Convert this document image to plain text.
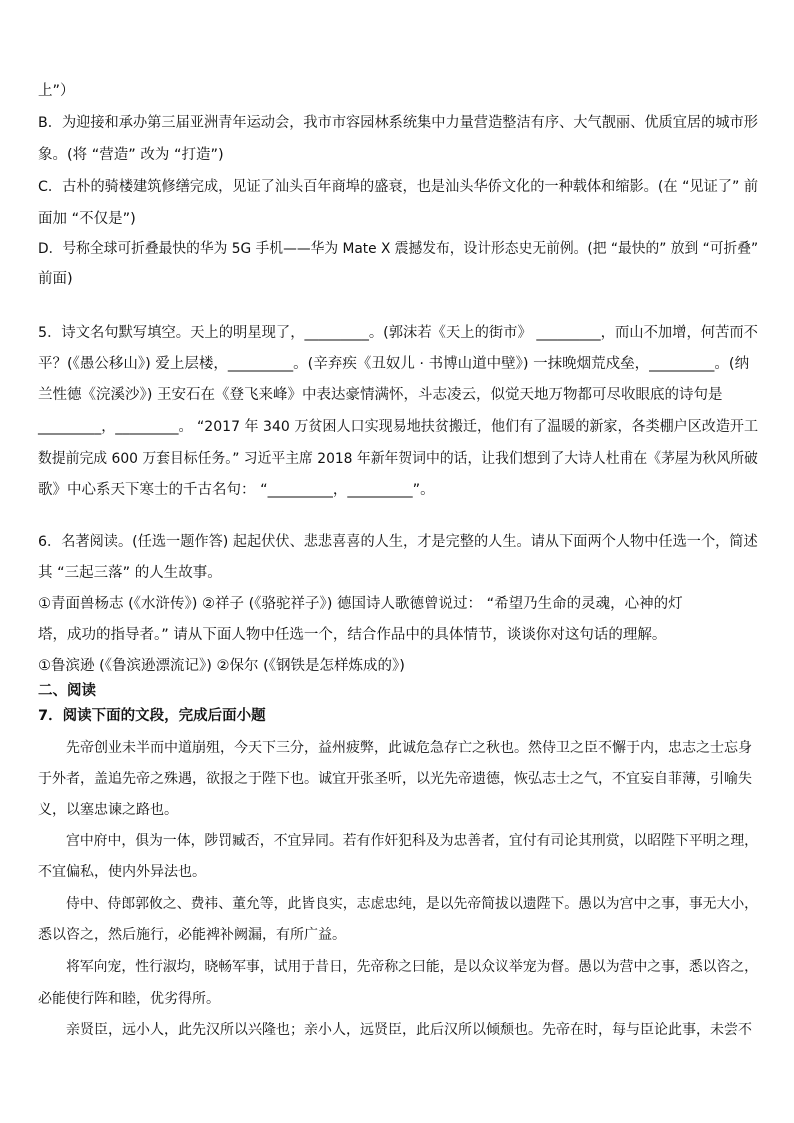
上”）
B．为迎接和承办第三届亚洲青年运动会，我市市容园林系统集中力量营造整洁有序、大气靓丽、优质宜居的城市形
象。(将 “营造” 改为 “打造”)
C．古朴的骑楼建筑修缮完成，见证了汕头百年商埠的盛衰，也是汕头华侨文化的一种载体和缩影。(在 “见证了” 前
面加 “不仅是”)
D．号称全球可折叠最快的华为 5G 手机——华为 Mate X 震撼发布，设计形态史无前例。(把 “最快的” 放到 “可折叠”
前面)
5．诗文名句默写填空。天上的明星现了，_________。(郭沫若《天上的街市》 _________，而山不加增，何苦而不
平？(《愚公移山》) 爱上层楼，_________。(辛弃疾《丑奴儿 · 书博山道中壁》) 一抹晚烟荒戍垒，_________。(纳
兰性德《浣溪沙》) 王安石在《登飞来峰》中表达豪情满怀，斗志凌云，似觉天地万物都可尽收眼底的诗句是
_________，_________。 “2017 年 340 万贫困人口实现易地扶贫搬迁，他们有了温暖的新家，各类棚户区改造开工
数提前完成 600 万套目标任务。” 习近平主席 2018 年新年贺词中的话，让我们想到了大诗人杜甫在《茅屋为秋风所破
歌》中心系天下寒士的千古名句： “_________，_________”。
6．名著阅读。(任选一题作答) 起起伏伏、悲悲喜喜的人生，才是完整的人生。请从下面两个人物中任选一个，简述
其 “三起三落” 的人生故事。
①青面兽杨志 (《水浒传》) ②祥子 (《骆驼祥子》) 德国诗人歌德曾说过： “希望乃生命的灵魂，心神的灯
塔，成功的指导者。” 请从下面人物中任选一个，结合作品中的具体情节，谈谈你对这句话的理解。
①鲁滨逊 (《鲁滨逊漂流记》) ②保尔 (《钢铁是怎样炼成的》)
二、阅读
7．阅读下面的文段，完成后面小题
先帝创业未半而中道崩殂，今天下三分，益州疲弊，此诚危急存亡之秋也。然侍卫之臣不懈于内，忠志之士忘身
于外者，盖追先帝之殊遇，欲报之于陛下也。诚宜开张圣听，以光先帝遗德，恢弘志士之气，不宜妄自菲薄，引喻失
义，以塞忠谏之路也。
宫中府中，俱为一体，陟罚臧否，不宜异同。若有作奸犯科及为忠善者，宜付有司论其刑赏，以昭陛下平明之理，
不宜偏私，使内外异法也。
侍中、侍郎郭攸之、费祎、董允等，此皆良实，志虑忠纯，是以先帝简拔以遗陛下。愚以为宫中之事，事无大小，
悉以咨之，然后施行，必能裨补阙漏，有所广益。
将军向宠，性行淑均，晓畅军事，试用于昔日，先帝称之曰能，是以众议举宠为督。愚以为营中之事，悉以咨之，
必能使行阵和睦，优劣得所。
亲贤臣，远小人，此先汉所以兴隆也；亲小人，远贤臣，此后汉所以倾颓也。先帝在时，每与臣论此事，未尝不
